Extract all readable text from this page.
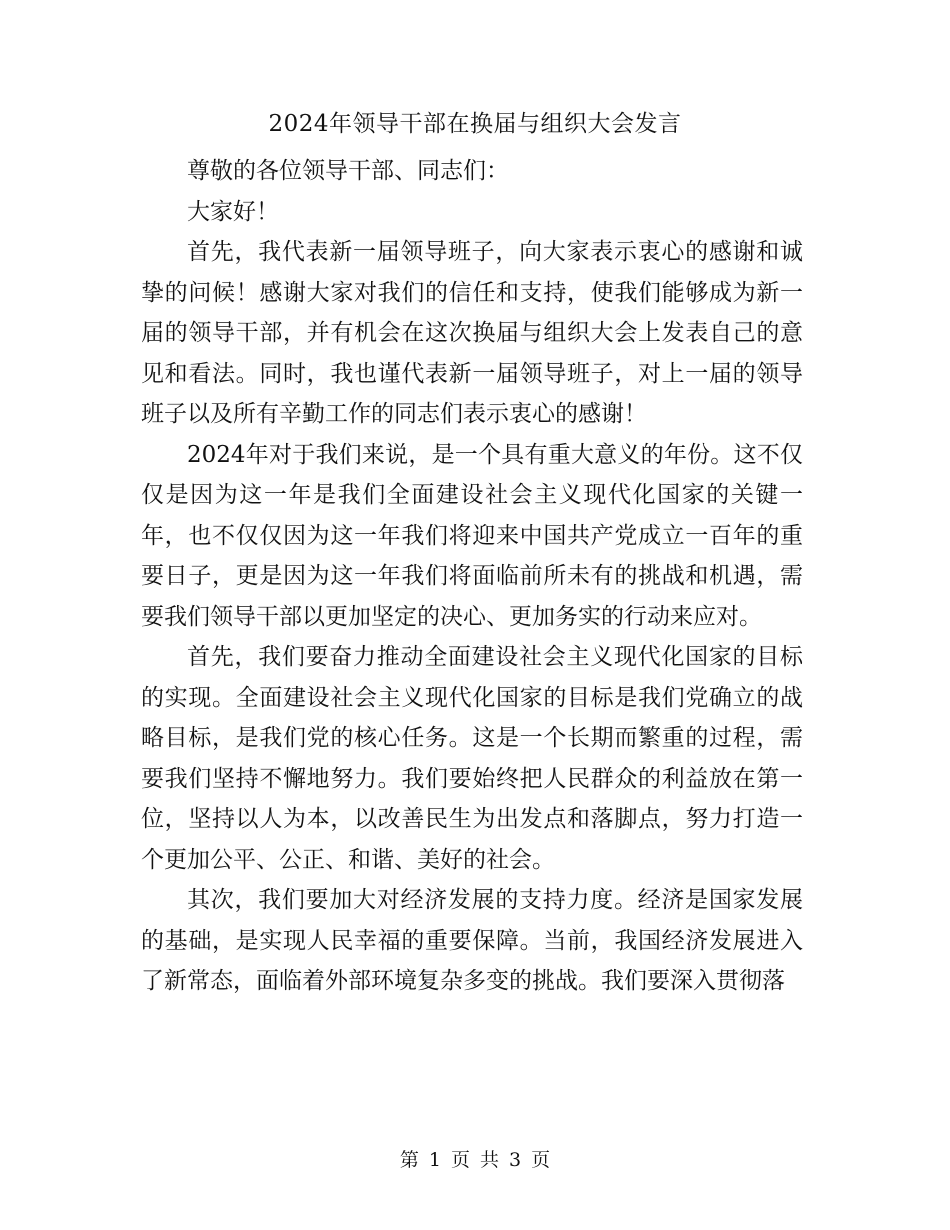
2024年领导干部在换届与组织大会发言

尊敬的各位领导干部、同志们：

大家好！

首先，我代表新一届领导班子，向大家表示衷心的感谢和诚挚的问候！感谢大家对我们的信任和支持，使我们能够成为新一届的领导干部，并有机会在这次换届与组织大会上发表自己的意见和看法。同时，我也谨代表新一届领导班子，对上一届的领导班子以及所有辛勤工作的同志们表示衷心的感谢！

2024年对于我们来说，是一个具有重大意义的年份。这不仅仅是因为这一年是我们全面建设社会主义现代化国家的关键一年，也不仅仅因为这一年我们将迎来中国共产党成立一百年的重要日子，更是因为这一年我们将面临前所未有的挑战和机遇，需要我们领导干部以更加坚定的决心、更加务实的行动来应对。

首先，我们要奋力推动全面建设社会主义现代化国家的目标的实现。全面建设社会主义现代化国家的目标是我们党确立的战略目标，是我们党的核心任务。这是一个长期而繁重的过程，需要我们坚持不懈地努力。我们要始终把人民群众的利益放在第一位，坚持以人为本，以改善民生为出发点和落脚点，努力打造一个更加公平、公正、和谐、美好的社会。

其次，我们要加大对经济发展的支持力度。经济是国家发展的基础，是实现人民幸福的重要保障。当前，我国经济发展进入了新常态，面临着外部环境复杂多变的挑战。我们要深入贯彻落

第 1 页 共 3 页
